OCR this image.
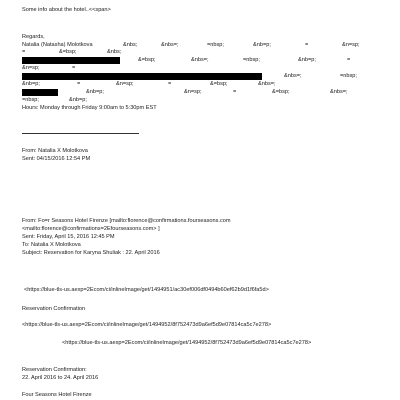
Some info about the hotel..<<span>
Regards,
Natalia (Natasha) Molotkova	&nbs;	&nbs=;	=nbsp;	&nb=p;	=	&n=sp;
=	&=bsp;	&nbs;
&=bsp;	&nbs=;	=nbsp;	&nb=p;	=
&n=sp;	=
&nbs=;	=nbsp;
&nb=p;	=	&n=sp;	=	&=bsp;	&nbs=;
&nb=p;	&n=sp;	=	&=bsp;	&nbs=;
=nbsp;	&nb=p;
Hours: Monday through Friday 9:00am to 5:30pm EST
From: Natalia X Molotkova
Sent: 04/15/2016 12:54 PM
From: Fo=r Seasons Hotel Firenze [mailto:florence@confirmations.fourseasons.com
<mailto:florence@confirmations=2Efourseasons.com> ]
Sent: Friday, April 15, 2016 12:45 PM
To: Natalia X Molotkova
Subject: Reservation for Karyna Shuliak : 22. April 2016
<https://blue-tls-us.aexp=2Ecom/ci/inlineImage/get/1494951/ac30ef006df0494b60ef62b9d1f6fa5d>
Reservation Confirmation
<https://blue-tls-us.aexp=2Ecom/ci/inlineImage/get/1494952/8f752473d9a6ef5d9e07814ca5c7e278>
<https://blue-tls-us.aexp=2Ecom/ci/inlineImage/get/1494952/8f752473d9a6ef5d9e07814ca5c7e278>
Reservation Confirmation:
22. April 2016 to 24. April 2016
Four Seasons Hotel Firenze
